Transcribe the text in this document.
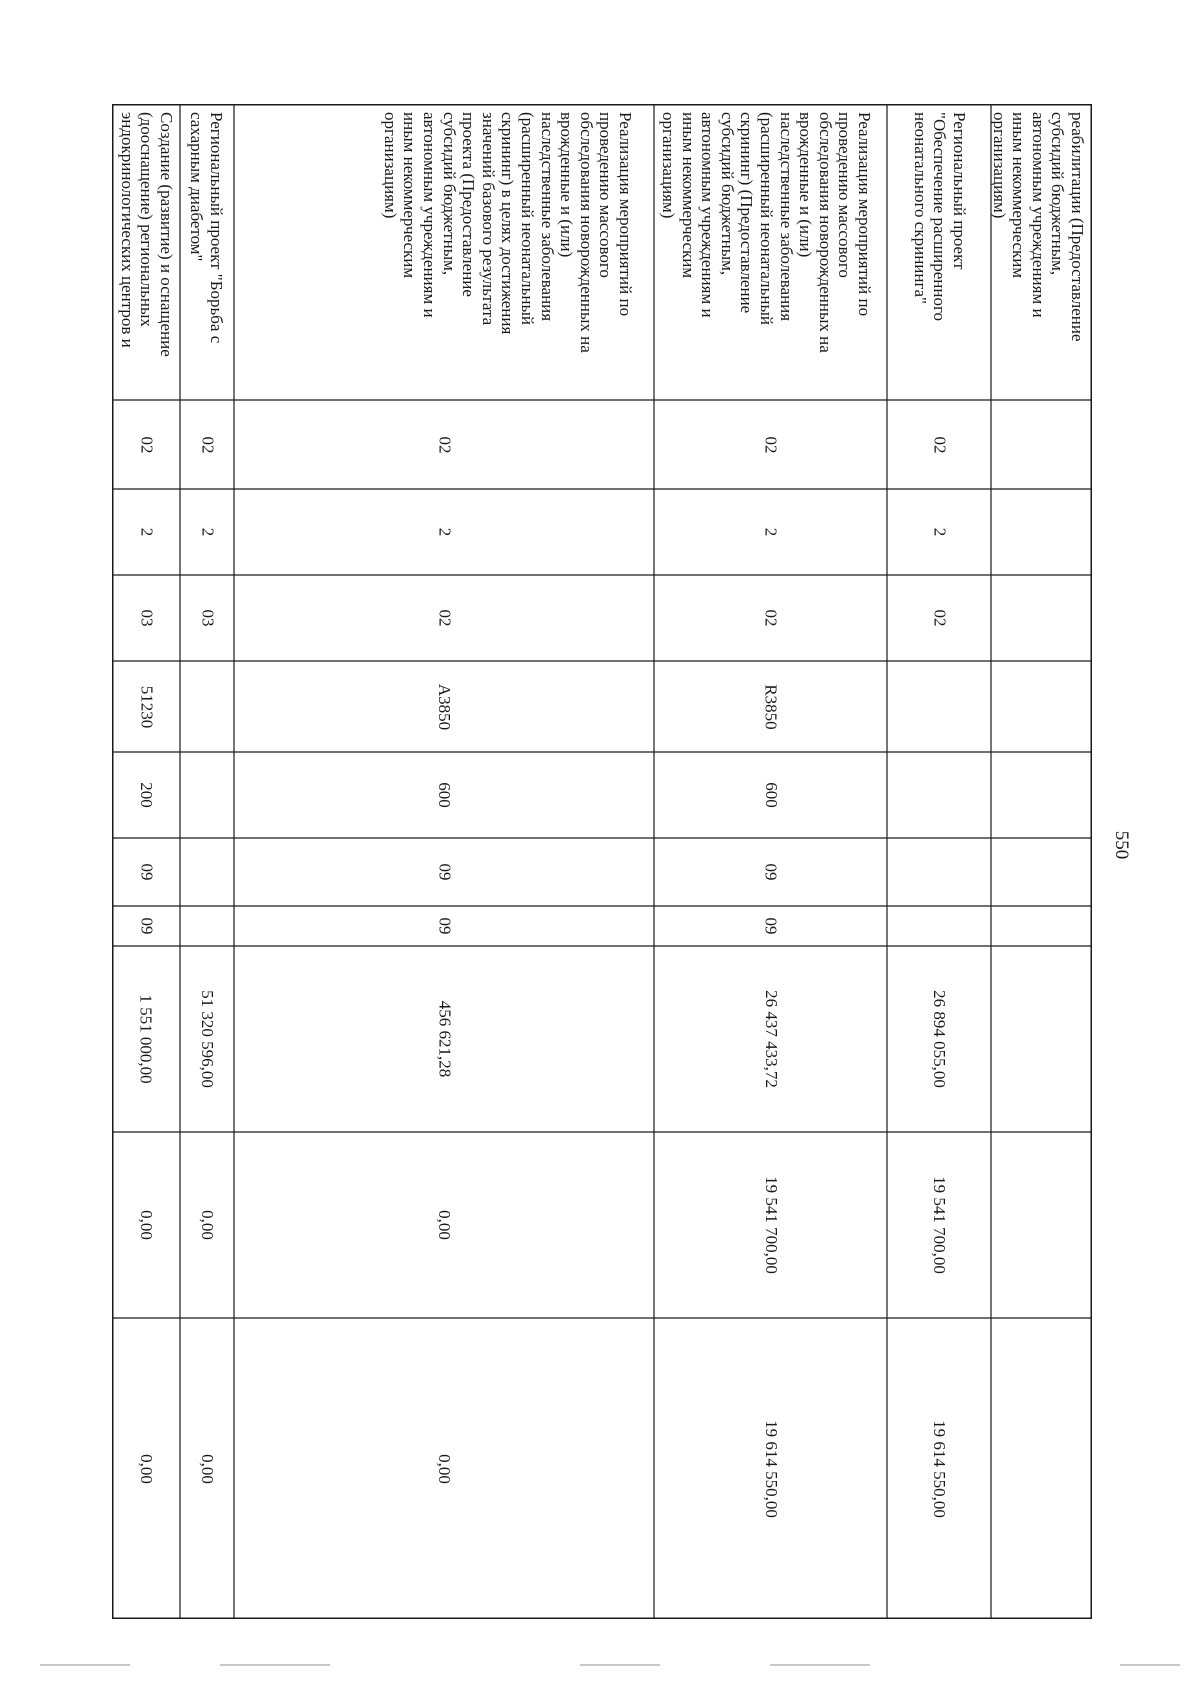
550
реабилитации (Предоставление
субсидий бюджетным,
автономным учреждениям и
иным некоммерческим
организациям)
Региональный проект
"Обеспечение расширенного
неонатального скрининга"
02
2
02
26 894 055,00
19 541 700,00
19 614 550,00
Реализация мероприятий по
проведению массового
обследования новорожденных на
врожденные и (или)
наследственные заболевания
(расширенный неонатальный
скрининг) (Предоставление
субсидий бюджетным,
автономным учреждениям и
иным некоммерческим
организациям)
02
2
02
R3850
600
09
09
26 437 433,72
19 541 700,00
19 614 550,00
Реализация мероприятий по
проведению массового
обследования новорожденных на
врожденные и (или)
наследственные заболевания
(расширенный неонатальный
скрининг) в целях достижения
значений базового результата
проекта (Предоставление
субсидий бюджетным,
автономным учреждениям и
иным некоммерческим
организациям)
02
2
02
А3850
600
09
09
456 621,28
0,00
0,00
Региональный проект "Борьба с
сахарным диабетом"
02
2
03
51 320 596,00
0,00
0,00
Создание (развитие) и оснащение
(дооснащение) региональных
эндокринологических центров и
02
2
03
51230
200
09
09
1 551 000,00
0,00
0,00
